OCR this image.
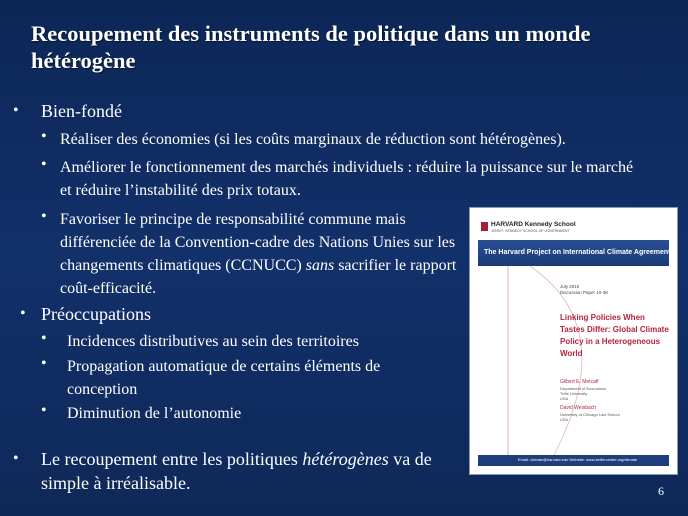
Recoupement des instruments de politique dans un monde hétérogène
• Bien-fondé
• Réaliser des économies (si les coûts marginaux de réduction sont hétérogènes).
• Améliorer le fonctionnement des marchés individuels : réduire la puissance sur le marché et réduire l’instabilité des prix totaux.
• Favoriser le principe de responsabilité commune mais différenciée de la Convention-cadre des Nations Unies sur les changements climatiques (CCNUCC) sans sacrifier le rapport coût-efficacité.
• Préoccupations
• Incidences distributives au sein des territoires
• Propagation automatique de certains éléments de conception
• Diminution de l’autonomie
• Le recoupement entre les politiques hétérogènes va de simple à irréalisable.	6
HARVARD Kennedy School
JOHN F. KENNEDY SCHOOL OF GOVERNMENT
The Harvard Project on International Climate Agreements
July 2010
Discussion Paper 10-38
Linking Policies When Tastes Differ: Global Climate Policy in a Heterogeneous World
Gilbert E. Metcalf
Department of Economics
Tufts University
USA
David Weisbach
University of Chicago Law School
USA
Email: climate@harvard.edu Website: www.belfercenter.org/climate
